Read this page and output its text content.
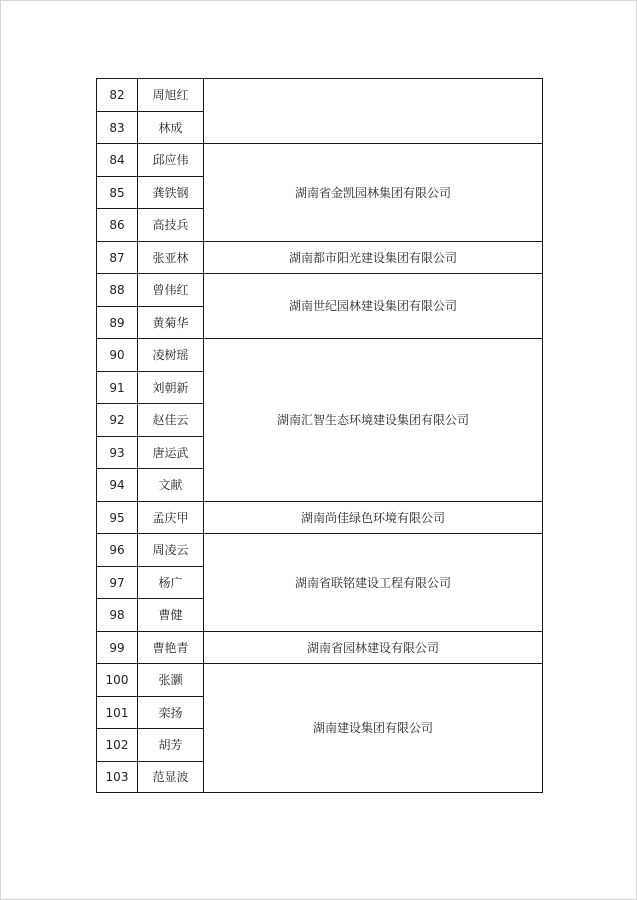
82	周旭红	
83	林成	
84	邱应伟	湖南省金凯园林集团有限公司
85	龚铁钢	
86	高技兵	
87	张亚林	湖南都市阳光建设集团有限公司
88	曾伟红	湖南世纪园林建设集团有限公司
89	黄菊华	
90	凌树瑶	湖南汇智生态环境建设集团有限公司
91	刘朝新	
92	赵佳云	
93	唐运武	
94	文献	
95	孟庆甲	湖南尚佳绿色环境有限公司
96	周凌云	湖南省联铭建设工程有限公司
97	杨广	
98	曹健	
99	曹艳青	湖南省园林建设有限公司
100	张灏	湖南建设集团有限公司
101	栾扬	
102	胡芳	
103	范显波	
